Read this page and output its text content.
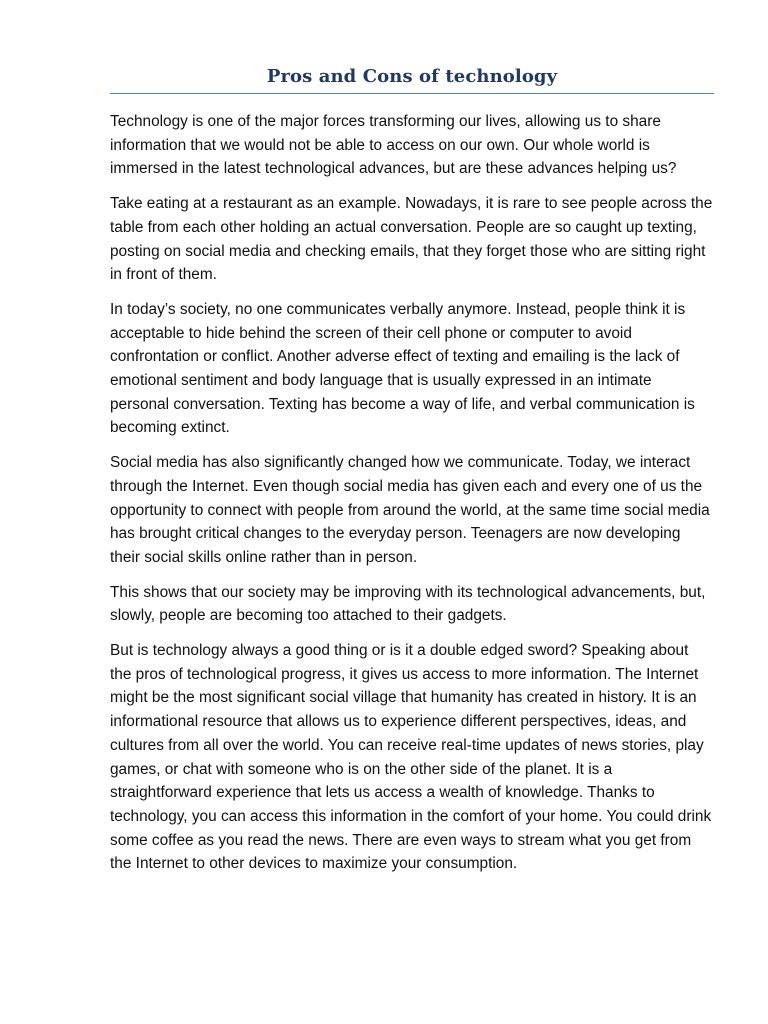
Pros and Cons of technology

Technology is one of the major forces transforming our lives, allowing us to share information that we would not be able to access on our own. Our whole world is immersed in the latest technological advances, but are these advances helping us?

Take eating at a restaurant as an example. Nowadays, it is rare to see people across the table from each other holding an actual conversation. People are so caught up texting, posting on social media and checking emails, that they forget those who are sitting right in front of them.

In today’s society, no one communicates verbally anymore. Instead, people think it is acceptable to hide behind the screen of their cell phone or computer to avoid confrontation or conflict. Another adverse effect of texting and emailing is the lack of emotional sentiment and body language that is usually expressed in an intimate personal conversation. Texting has become a way of life, and verbal communication is becoming extinct.

Social media has also significantly changed how we communicate. Today, we interact through the Internet. Even though social media has given each and every one of us the opportunity to connect with people from around the world, at the same time social media has brought critical changes to the everyday person. Teenagers are now developing their social skills online rather than in person.

This shows that our society may be improving with its technological advancements, but, slowly, people are becoming too attached to their gadgets.

But is technology always a good thing or is it a double edged sword? Speaking about the pros of technological progress, it gives us access to more information. The Internet might be the most significant social village that humanity has created in history. It is an informational resource that allows us to experience different perspectives, ideas, and cultures from all over the world. You can receive real-time updates of news stories, play games, or chat with someone who is on the other side of the planet. It is a straightforward experience that lets us access a wealth of knowledge. Thanks to technology, you can access this information in the comfort of your home. You could drink some coffee as you read the news. There are even ways to stream what you get from the Internet to other devices to maximize your consumption.
